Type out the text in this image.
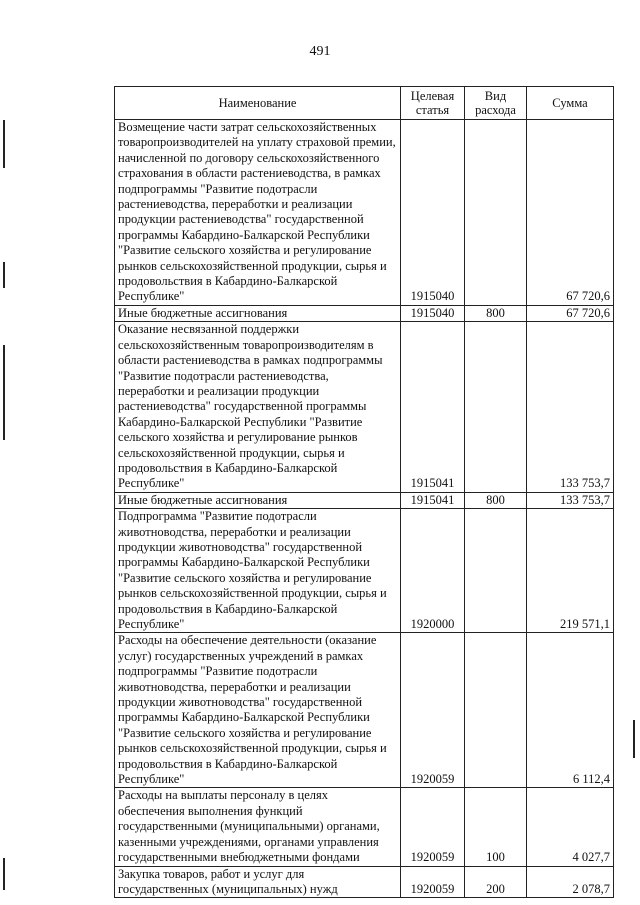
491
Наименование	Целевая статья	Вид расхода	Сумма
Возмещение части затрат сельскохозяйственных товаропроизводителей на уплату страховой премии, начисленной по договору сельскохозяйственного страхования в области растениеводства, в рамках подпрограммы "Развитие подотрасли растениеводства, переработки и реализации продукции растениеводства" государственной программы Кабардино-Балкарской Республики "Развитие сельского хозяйства и регулирование рынков сельскохозяйственной продукции, сырья и продовольствия в Кабардино-Балкарской Республике"	1915040		67 720,6
Иные бюджетные ассигнования	1915040	800	67 720,6
Оказание несвязанной поддержки сельскохозяйственным товаропроизводителям в области растениеводства в рамках подпрограммы "Развитие подотрасли растениеводства, переработки и реализации продукции растениеводства" государственной программы Кабардино-Балкарской Республики "Развитие сельского хозяйства и регулирование рынков сельскохозяйственной продукции, сырья и продовольствия в Кабардино-Балкарской Республике"	1915041		133 753,7
Иные бюджетные ассигнования	1915041	800	133 753,7
Подпрограмма "Развитие подотрасли животноводства, переработки и реализации продукции животноводства" государственной программы Кабардино-Балкарской Республики "Развитие сельского хозяйства и регулирование рынков сельскохозяйственной продукции, сырья и продовольствия в Кабардино-Балкарской Республике"	1920000		219 571,1
Расходы на обеспечение деятельности (оказание услуг) государственных учреждений в рамках подпрограммы "Развитие подотрасли животноводства, переработки и реализации продукции животноводства" государственной программы Кабардино-Балкарской Республики "Развитие сельского хозяйства и регулирование рынков сельскохозяйственной продукции, сырья и продовольствия в Кабардино-Балкарской Республике"	1920059		6 112,4
Расходы на выплаты персоналу в целях обеспечения выполнения функций государственными (муниципальными) органами, казенными учреждениями, органами управления государственными внебюджетными фондами	1920059	100	4 027,7
Закупка товаров, работ и услуг для государственных (муниципальных) нужд	1920059	200	2 078,7
